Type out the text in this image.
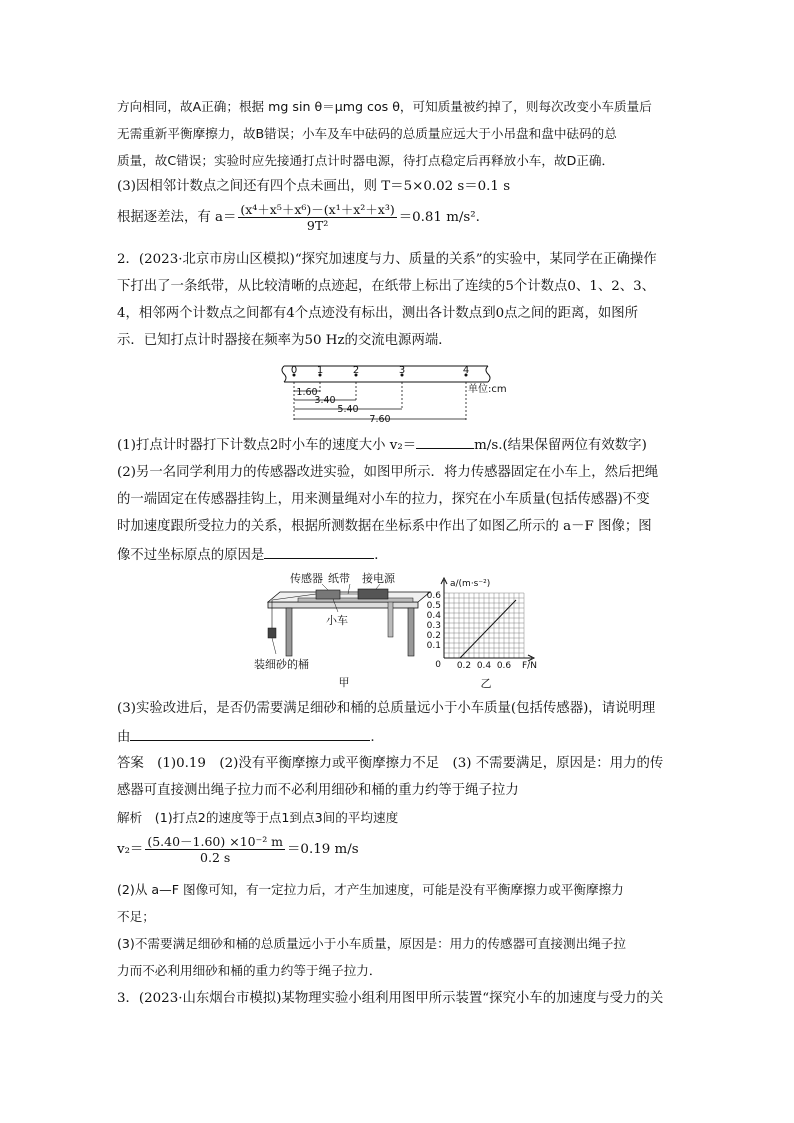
方向相同，故A正确；根据 mg sin θ＝μmg cos θ，可知质量被约掉了，则每次改变小车质量后
无需重新平衡摩擦力，故B错误；小车及车中砝码的总质量应远大于小吊盘和盘中砝码的总
质量，故C错误；实验时应先接通打点计时器电源，待打点稳定后再释放小车，故D正确．
(3)因相邻计数点之间还有四个点未画出，则 T＝5×0.02 s＝0.1 s
根据逐差法，有 $a= \frac{\text{(x⁴＋x⁵＋x⁶)－(x¹＋x²＋x³)}}{\text{9T²}} =0.81$ m/s².
2．(2023·北京市房山区模拟)“探究加速度与力、质量的关系”的实验中，某同学在正确操作
下打出了一条纸带，从比较清晰的点迹起，在纸带上标出了连续的5个计数点0、1、2、3、
4，相邻两个计数点之间都有4个点迹没有标出，测出各计数点到0点之间的距离，如图所
示．已知打点计时器接在频率为50 Hz的交流电源两端．
0 1	2	3	4
1.60
3.40
5.40
7.60
单位:cm
(1)打点计时器打下计数点2时小车的速度大小 v₂＝	m/s.(结果保留两位有效数字)
(2)另一名同学利用力的传感器改进实验，如图甲所示．将力传感器固定在小车上，然后把绳
的一端固定在传感器挂钩上，用来测量绳对小车的拉力，探究在小车质量(包括传感器)不变
时加速度跟所受拉力的关系，根据所测数据在坐标系中作出了如图乙所示的 a－F 图像；图
像不过坐标原点的原因是	．
传感器 纸带 接电源
小车
装细砂的桶
甲
0.6
0.5
0.4
0.3
0.2
0.1
0 0.2 0.4 0.6
a/(m·s⁻²)
F/N
乙
(3)实验改进后，是否仍需要满足细砂和桶的总质量远小于小车质量(包括传感器)，请说明理
由	.
答案　(1)0.19　(2)没有平衡摩擦力或平衡摩擦力不足　(3) 不需要满足，原因是：用力的传
感器可直接测出绳子拉力而不必利用细砂和桶的重力约等于绳子拉力
解析　(1)打点2的速度等于点1到点3间的平均速度
$v_2= \frac{\text{(5.40－1.60) ×10⁻² m}}{0.2 s} =0.19$ m/s
(2)从 a—F 图像可知，有一定拉力后，才产生加速度，可能是没有平衡摩擦力或平衡摩擦力
不足；
(3)不需要满足细砂和桶的总质量远小于小车质量，原因是：用力的传感器可直接测出绳子拉
力而不必利用细砂和桶的重力约等于绳子拉力．
3．(2023·山东烟台市模拟)某物理实验小组利用图甲所示装置“探究小车的加速度与受力的关
